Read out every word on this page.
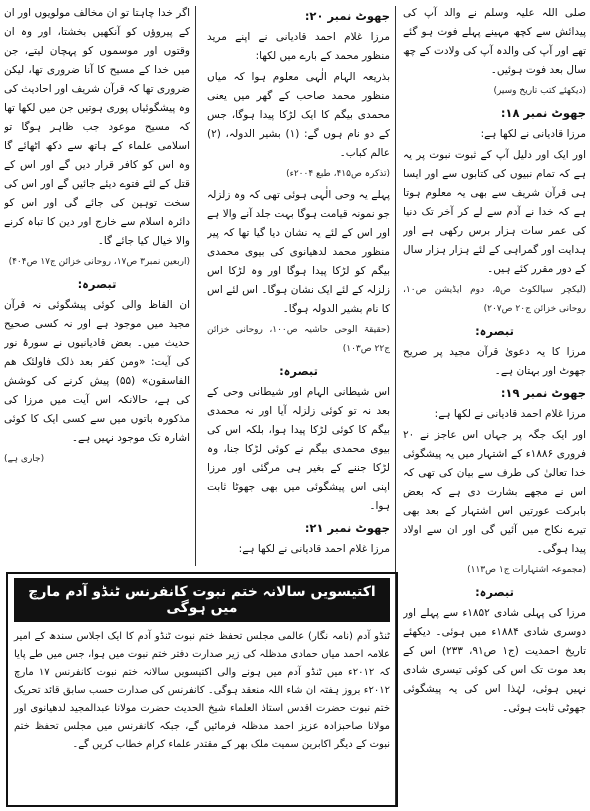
صلی اللہ علیہ وسلم نے والد آپ کی پیدائش سے کچھ مہینے پہلے فوت ہو گئے تھے اور آپ کی والدہ آپ کی ولادت کے چھ سال بعد فوت ہوئیں۔

(دیکھئے کتب تاریخ وسیر)

جھوٹ نمبر ۱۸:

مرزا قادیانی نے لکھا ہے:

اور ایک اور دلیل آپ کے ثبوت نبوت پر یہ ہے کہ تمام نبیوں کی کتابوں سے اور ایسا ہی قرآن شریف سے بھی یہ معلوم ہوتا ہے کہ خدا نے آدم سے لے کر آخر تک دنیا کی عمر سات ہزار برس رکھی ہے اور ہدایت اور گمراہی کے لئے ہزار ہزار سال کے دور مقرر کئے ہیں۔

(لیکچر سیالکوٹ ص۵، دوم ایڈیشن ص۱۰، روحانی خزائن ج۲۰ ص۲۰۷)

تبصرہ:

مرزا کا یہ دعویٰ قرآن مجید پر صریح جھوٹ اور بہتان ہے۔

جھوٹ نمبر ۱۹:

مرزا غلام احمد قادیانی نے لکھا ہے:

اور ایک جگہ پر جہاں اس عاجز نے ۲۰ فروری ۱۸۸۶ء کے اشتہار میں یہ پیشگوئی خدا تعالیٰ کی طرف سے بیان کی تھی کہ اس نے مجھے بشارت دی ہے کہ بعض بابرکت عورتیں اس اشتہار کے بعد بھی تیرے نکاح میں آئیں گی اور ان سے اولاد پیدا ہوگی۔

(مجموعہ اشتہارات ج۱ ص۱۱۳)

تبصرہ:

مرزا کی پہلی شادی ۱۸۵۲ء سے پہلے اور دوسری شادی ۱۸۸۴ء میں ہوئی۔ دیکھئے تاریخ احمدیت (ج۱ ص۹۱، ۲۳۳) اس کے بعد موت تک اس کی کوئی تیسری شادی نہیں ہوئی، لہٰذا اس کی یہ پیشگوئی جھوٹی ثابت ہوئی۔

جھوٹ نمبر ۲۰:

مرزا غلام احمد قادیانی نے اپنے مرید منظور محمد کے بارے میں لکھا:

بذریعہ الہام الٰہی معلوم ہوا کہ میاں منظور محمد صاحب کے گھر میں یعنی محمدی بیگم کا ایک لڑکا پیدا ہوگا، جس کے دو نام ہوں گے: (۱) بشیر الدولہ، (۲) عالم کباب۔

(تذکرہ ص۴۱۵، طبع ۲۰۰۴ء)

پہلے یہ وحی الٰہی ہوئی تھی کہ وہ زلزلہ جو نمونہ قیامت ہوگا بہت جلد آنے والا ہے اور اس کے لئے یہ نشان دیا گیا تھا کہ پیر منظور محمد لدھیانوی کی بیوی محمدی بیگم کو لڑکا پیدا ہوگا اور وہ لڑکا اس زلزلہ کے لئے ایک نشان ہوگا۔ اس لئے اس کا نام بشیر الدولہ ہوگا۔

(حقیقۃ الوحی حاشیہ ص۱۰۰، روحانی خزائن ج۲۲ ص۱۰۳)

تبصرہ:

اس شیطانی الہام اور شیطانی وحی کے بعد نہ تو کوئی زلزلہ آیا اور نہ محمدی بیگم کا کوئی لڑکا پیدا ہوا، بلکہ اس کی بیوی محمدی بیگم نے کوئی لڑکا جنا، وہ لڑکا جننے کے بغیر ہی مرگئی اور مرزا اپنی اس پیشگوئی میں بھی جھوٹا ثابت ہوا۔

جھوٹ نمبر ۲۱:

مرزا غلام احمد قادیانی نے لکھا ہے:

اگر خدا چاہتا تو ان مخالف مولویوں اور ان کے پیروؤں کو آنکھیں بخشتا، اور وہ ان وقتوں اور موسموں کو پہچان لیتے، جن میں خدا کے مسیح کا آنا ضروری تھا، لیکن ضروری تھا کہ قرآن شریف اور احادیث کی وہ پیشگوئیاں پوری ہوتیں جن میں لکھا تھا کہ مسیح موعود جب ظاہر ہوگا تو اسلامی علماء کے ہاتھ سے دکھ اٹھائے گا وہ اس کو کافر قرار دیں گے اور اس کے قتل کے لئے فتوے دیئے جائیں گے اور اس کی سخت توہین کی جائے گی اور اس کو دائرہ اسلام سے خارج اور دین کا تباہ کرنے والا خیال کیا جائے گا۔

(اربعین نمبر۳ ص۱۷، روحانی خزائن ج۱۷ ص۴۰۴)

تبصرہ:

ان الفاظ والی کوئی پیشگوئی نہ قرآن مجید میں موجود ہے اور نہ کسی صحیح حدیث میں۔ بعض قادیانیوں نے سورۂ نور کی آیت: «ومن کفر بعد ذلک فاولئک ھم الفاسقون» (۵۵) پیش کرنے کی کوشش کی ہے، حالانکہ اس آیت میں مرزا کی مذکورہ باتوں میں سے کسی ایک کا کوئی اشارہ تک موجود نہیں ہے۔

(جاری ہے)

اکتیسویں سالانہ ختم نبوت کانفرنس ٹنڈو آدم مارچ میں ہوگی
ٹنڈو آدم (نامہ نگار) عالمی مجلس تحفظ ختم نبوت ٹنڈو آدم کا ایک اجلاس سندھ کے امیر علامہ احمد میاں حمادی مدظلہ کی زیر صدارت دفتر ختم نبوت میں ہوا، جس میں طے پایا کہ ۲۰۱۲ء میں ٹنڈو آدم میں ہونے والی اکتیسویں سالانہ ختم نبوت کانفرنس ۱۷ مارچ ۲۰۱۲ء بروز ہفتہ ان شاء اللہ منعقد ہوگی۔ کانفرنس کی صدارت حسب سابق قائد تحریک ختم نبوت حضرت اقدس استاذ العلماء شیخ الحدیث حضرت مولانا عبدالمجید لدھیانوی اور مولانا صاحبزادہ عزیز احمد مدظلہ فرمائیں گے، جبکہ کانفرنس میں مجلس تحفظ ختم نبوت کے دیگر اکابرین سمیت ملک بھر کے مقتدر علماء کرام خطاب کریں گے۔
